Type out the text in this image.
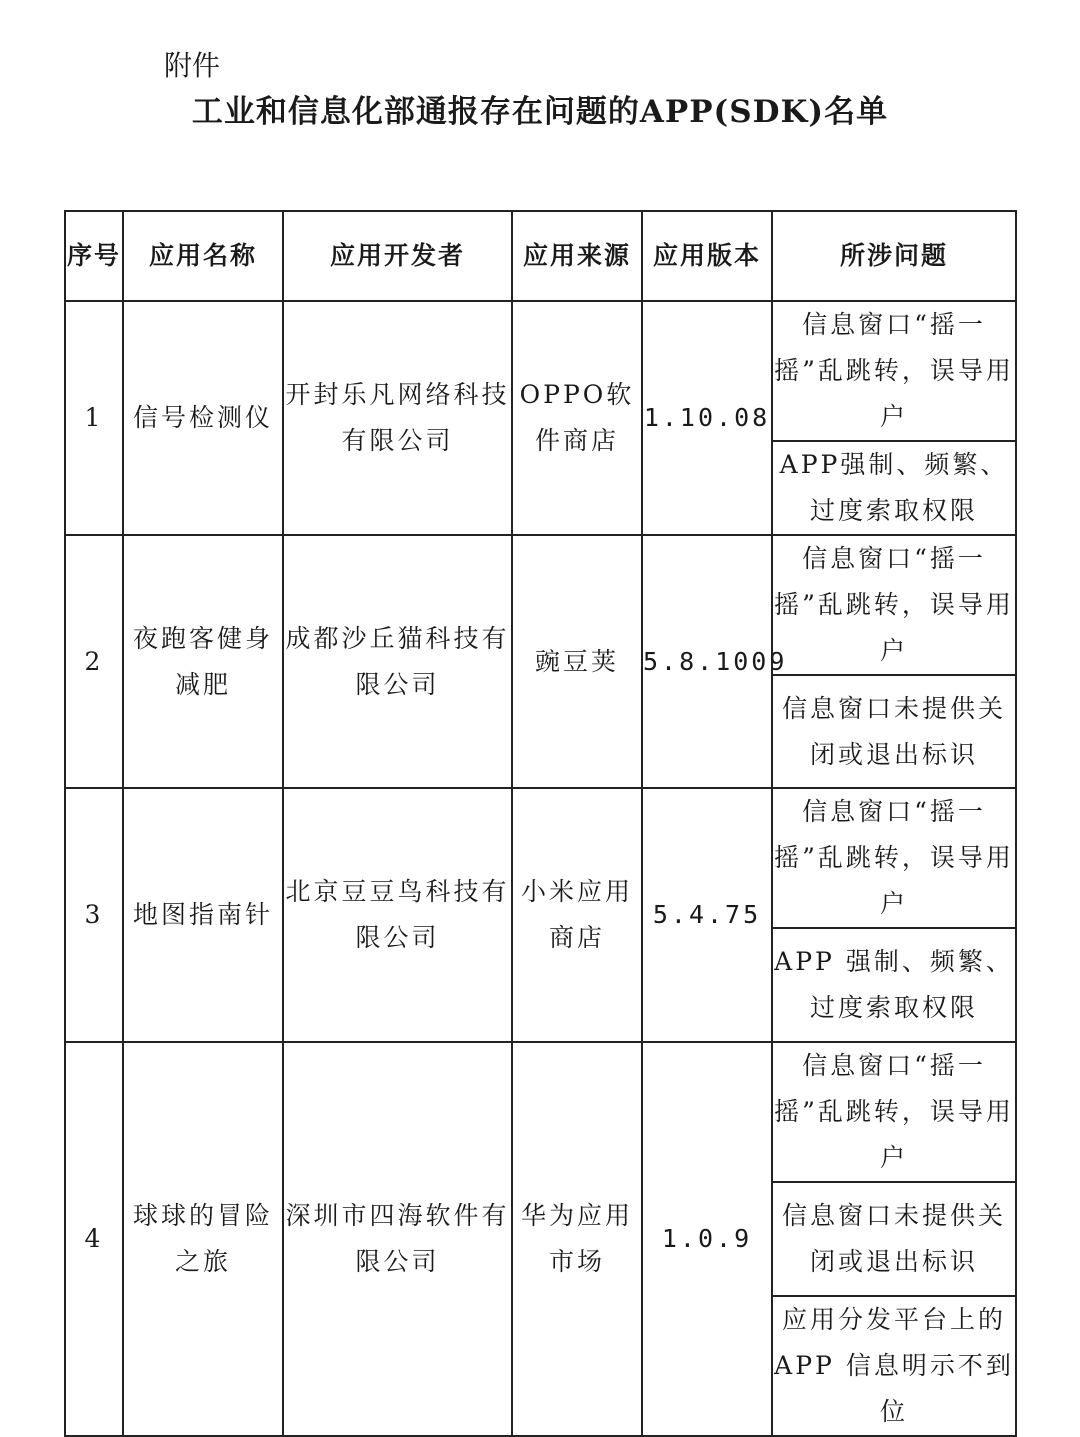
附件
工业和信息化部通报存在问题的APP(SDK)名单
序号	应用名称	应用开发者	应用来源	应用版本	所涉问题
1	信号检测仪	开封乐凡网络科技有限公司	OPPO软件商店	1.10.08	信息窗口“摇一摇”乱跳转，误导用户
					APP强制、频繁、过度索取权限
2	夜跑客健身减肥	成都沙丘猫科技有限公司	豌豆荚	5.8.1009	信息窗口“摇一摇”乱跳转，误导用户
					信息窗口未提供关闭或退出标识
3	地图指南针	北京豆豆鸟科技有限公司	小米应用商店	5.4.75	信息窗口“摇一摇”乱跳转，误导用户
					APP 强制、频繁、过度索取权限
4	球球的冒险之旅	深圳市四海软件有限公司	华为应用市场	1.0.9	信息窗口“摇一摇”乱跳转，误导用户
					信息窗口未提供关闭或退出标识
					应用分发平台上的APP 信息明示不到位
